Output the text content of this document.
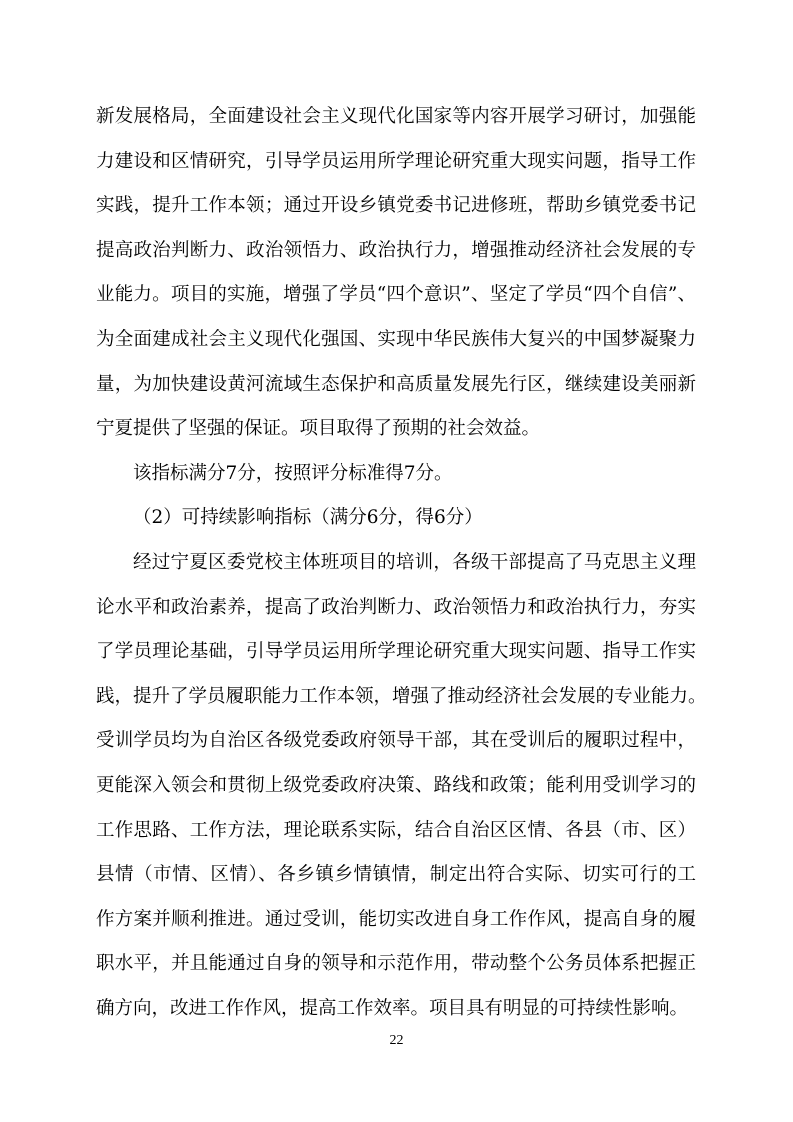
新发展格局，全面建设社会主义现代化国家等内容开展学习研讨，加强能
力建设和区情研究，引导学员运用所学理论研究重大现实问题，指导工作
实践，提升工作本领；通过开设乡镇党委书记进修班，帮助乡镇党委书记
提高政治判断力、政治领悟力、政治执行力，增强推动经济社会发展的专
业能力。项目的实施，增强了学员“四个意识”、坚定了学员“四个自信”、
为全面建成社会主义现代化强国、实现中华民族伟大复兴的中国梦凝聚力
量，为加快建设黄河流域生态保护和高质量发展先行区，继续建设美丽新
宁夏提供了坚强的保证。项目取得了预期的社会效益。
该指标满分7分，按照评分标准得7分。
（2）可持续影响指标（满分6分，得6分）
经过宁夏区委党校主体班项目的培训，各级干部提高了马克思主义理
论水平和政治素养，提高了政治判断力、政治领悟力和政治执行力，夯实
了学员理论基础，引导学员运用所学理论研究重大现实问题、指导工作实
践，提升了学员履职能力工作本领，增强了推动经济社会发展的专业能力。
受训学员均为自治区各级党委政府领导干部，其在受训后的履职过程中，
更能深入领会和贯彻上级党委政府决策、路线和政策；能利用受训学习的
工作思路、工作方法，理论联系实际，结合自治区区情、各县（市、区）
县情（市情、区情）、各乡镇乡情镇情，制定出符合实际、切实可行的工
作方案并顺利推进。通过受训，能切实改进自身工作作风，提高自身的履
职水平，并且能通过自身的领导和示范作用，带动整个公务员体系把握正
确方向，改进工作作风，提高工作效率。项目具有明显的可持续性影响。
22
